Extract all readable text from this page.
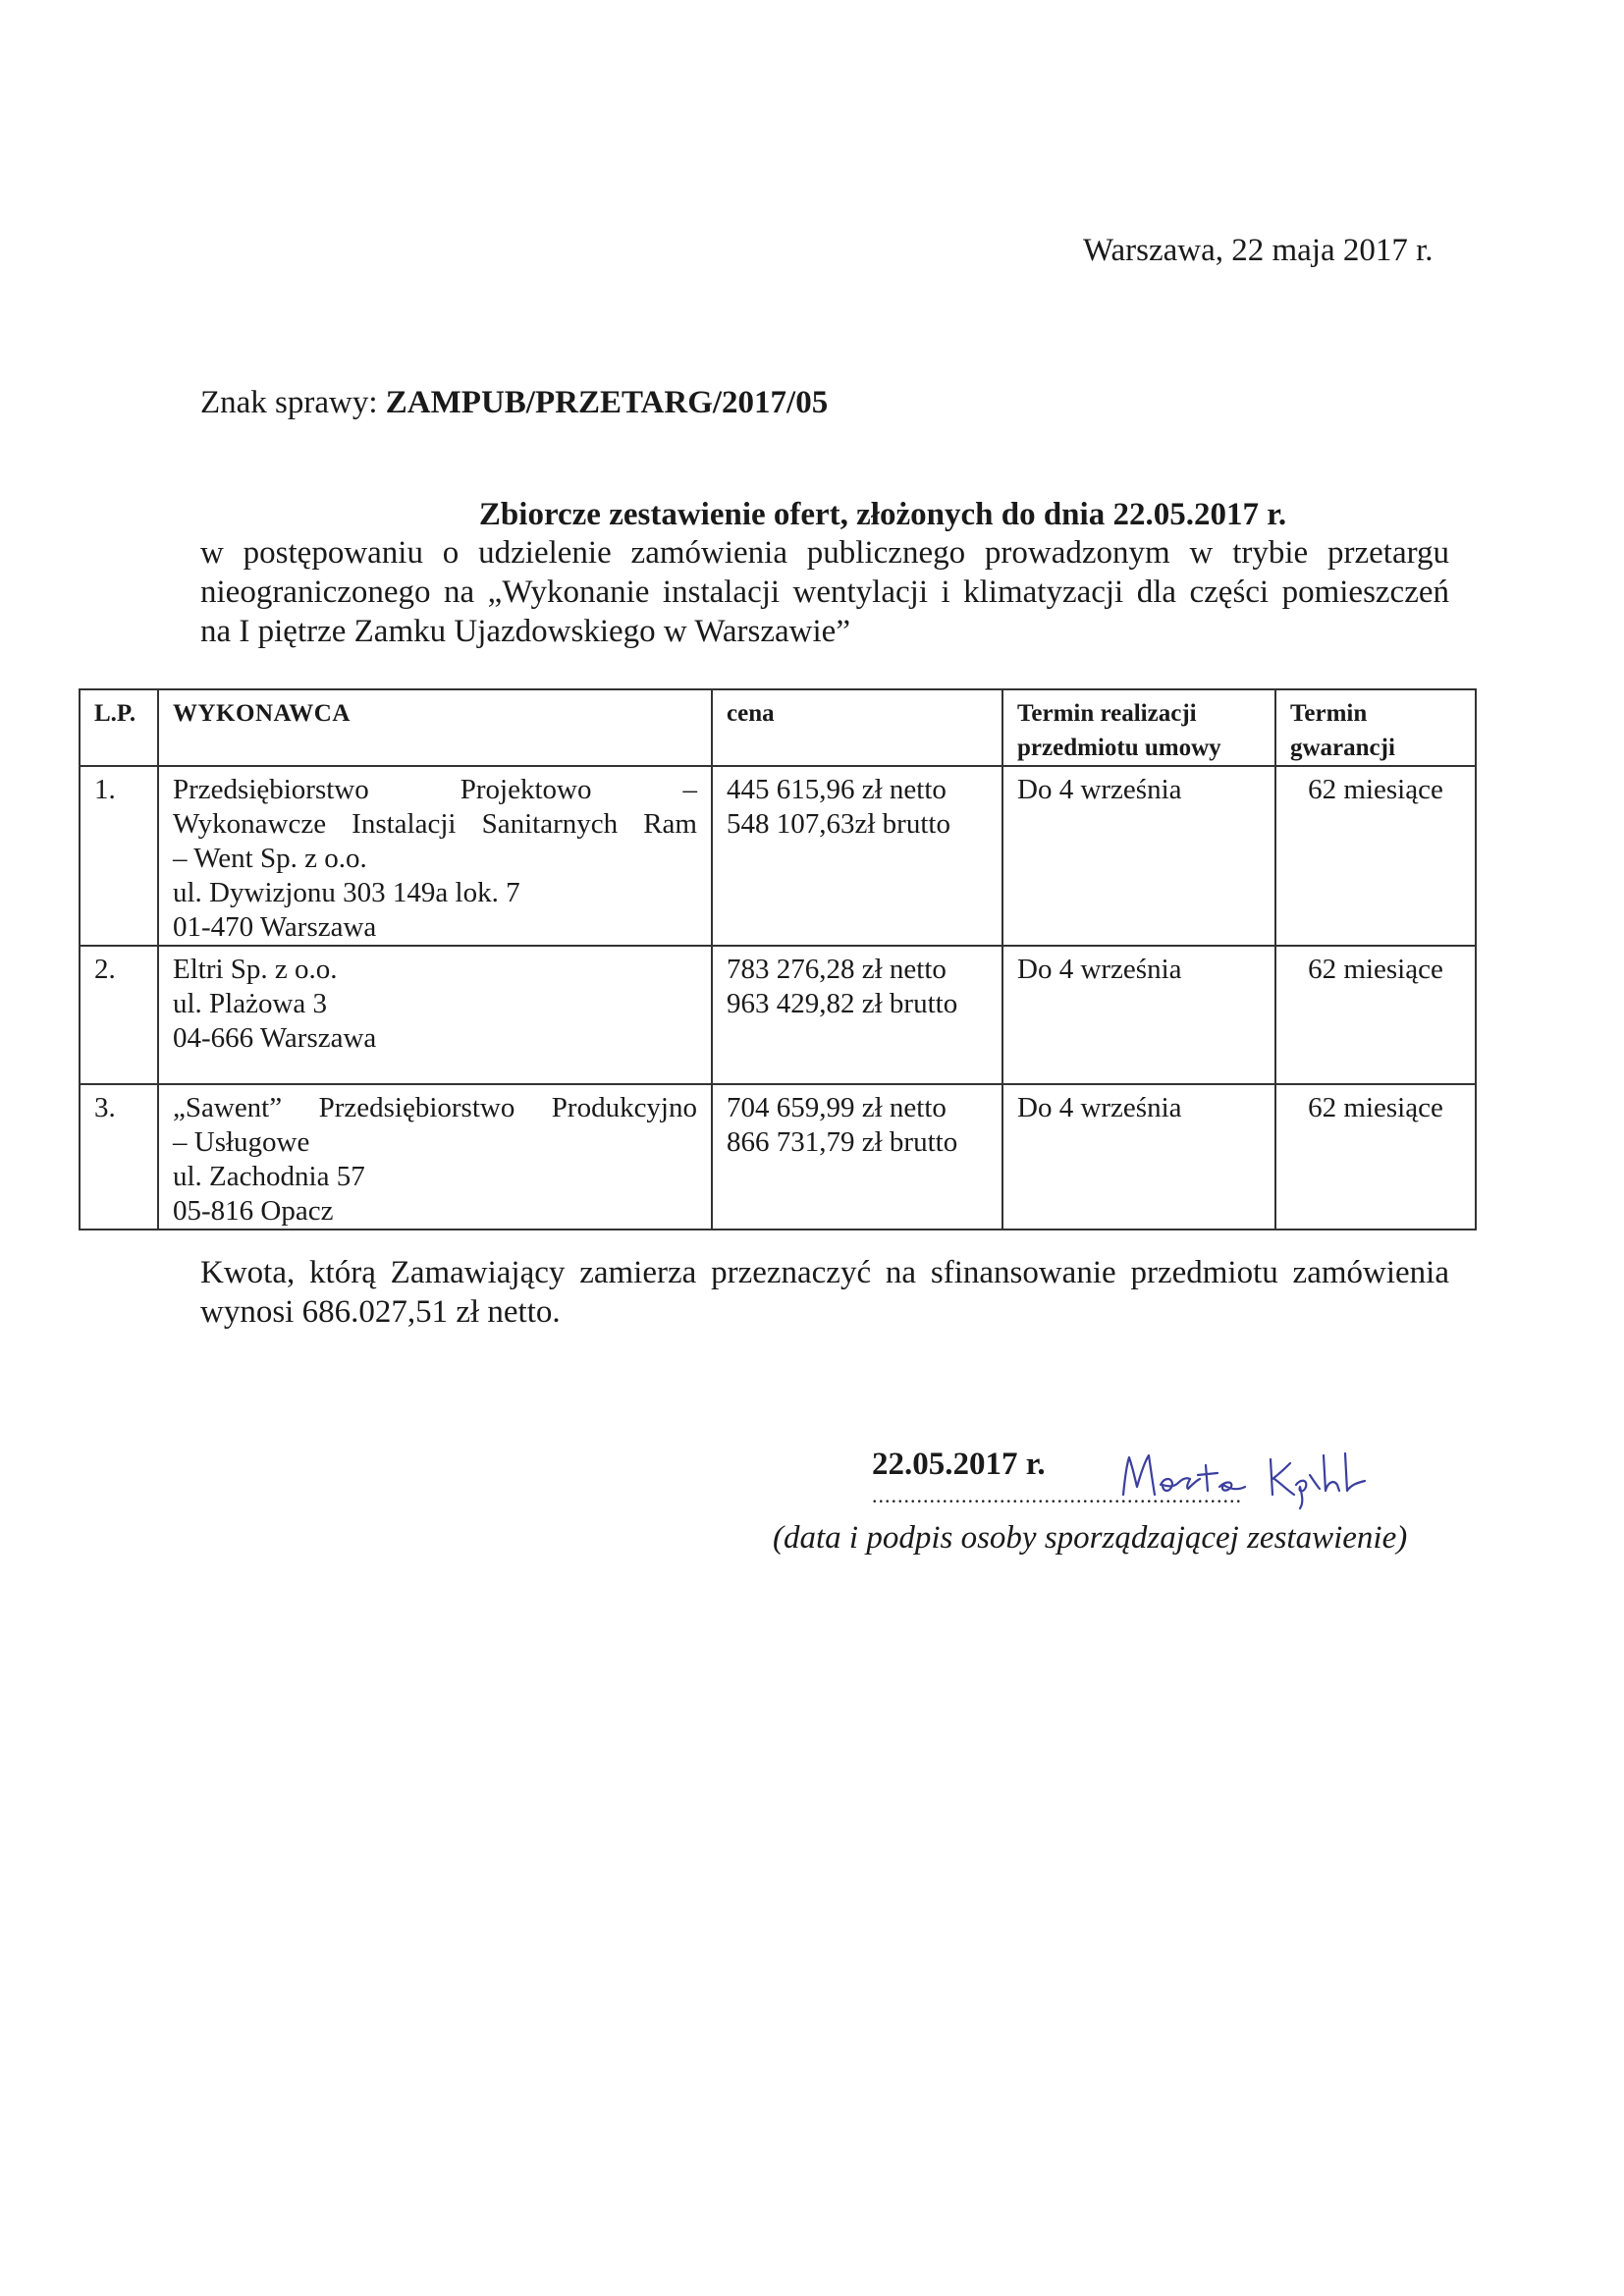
Warszawa, 22 maja 2017 r.
Znak sprawy: ZAMPUB/PRZETARG/2017/05
Zbiorcze zestawienie ofert, złożonych do dnia 22.05.2017 r.
w postępowaniu o udzielenie zamówienia publicznego prowadzonym w trybie przetargu
nieograniczonego na „Wykonanie instalacji wentylacji i klimatyzacji dla części pomieszczeń
na I piętrze Zamku Ujazdowskiego w Warszawie”
L.P.	WYKONAWCA	cena	Termin realizacji
przedmiotu umowy	Termin gwarancji
1.	Przedsiębiorstwo Projektowo –
Wykonawcze Instalacji Sanitarnych Ram
– Went Sp. z o.o.
ul. Dywizjonu 303 149a lok. 7
01-470 Warszawa	445 615,96 zł netto
548 107,63zł brutto	Do 4 września	62 miesiące
2.	Eltri Sp. z o.o.
ul. Plażowa 3
04-666 Warszawa	783 276,28 zł netto
963 429,82 zł brutto	Do 4 września	62 miesiące
3.	„Sawent” Przedsiębiorstwo Produkcyjno
– Usługowe
ul. Zachodnia 57
05-816 Opacz	704 659,99 zł netto
866 731,79 zł brutto	Do 4 września	62 miesiące
Kwota, którą Zamawiający zamierza przeznaczyć na sfinansowanie przedmiotu zamówienia
wynosi 686.027,51 zł netto.
22.05.2017 r.
..........................................................
(data i podpis osoby sporządzającej zestawienie)
